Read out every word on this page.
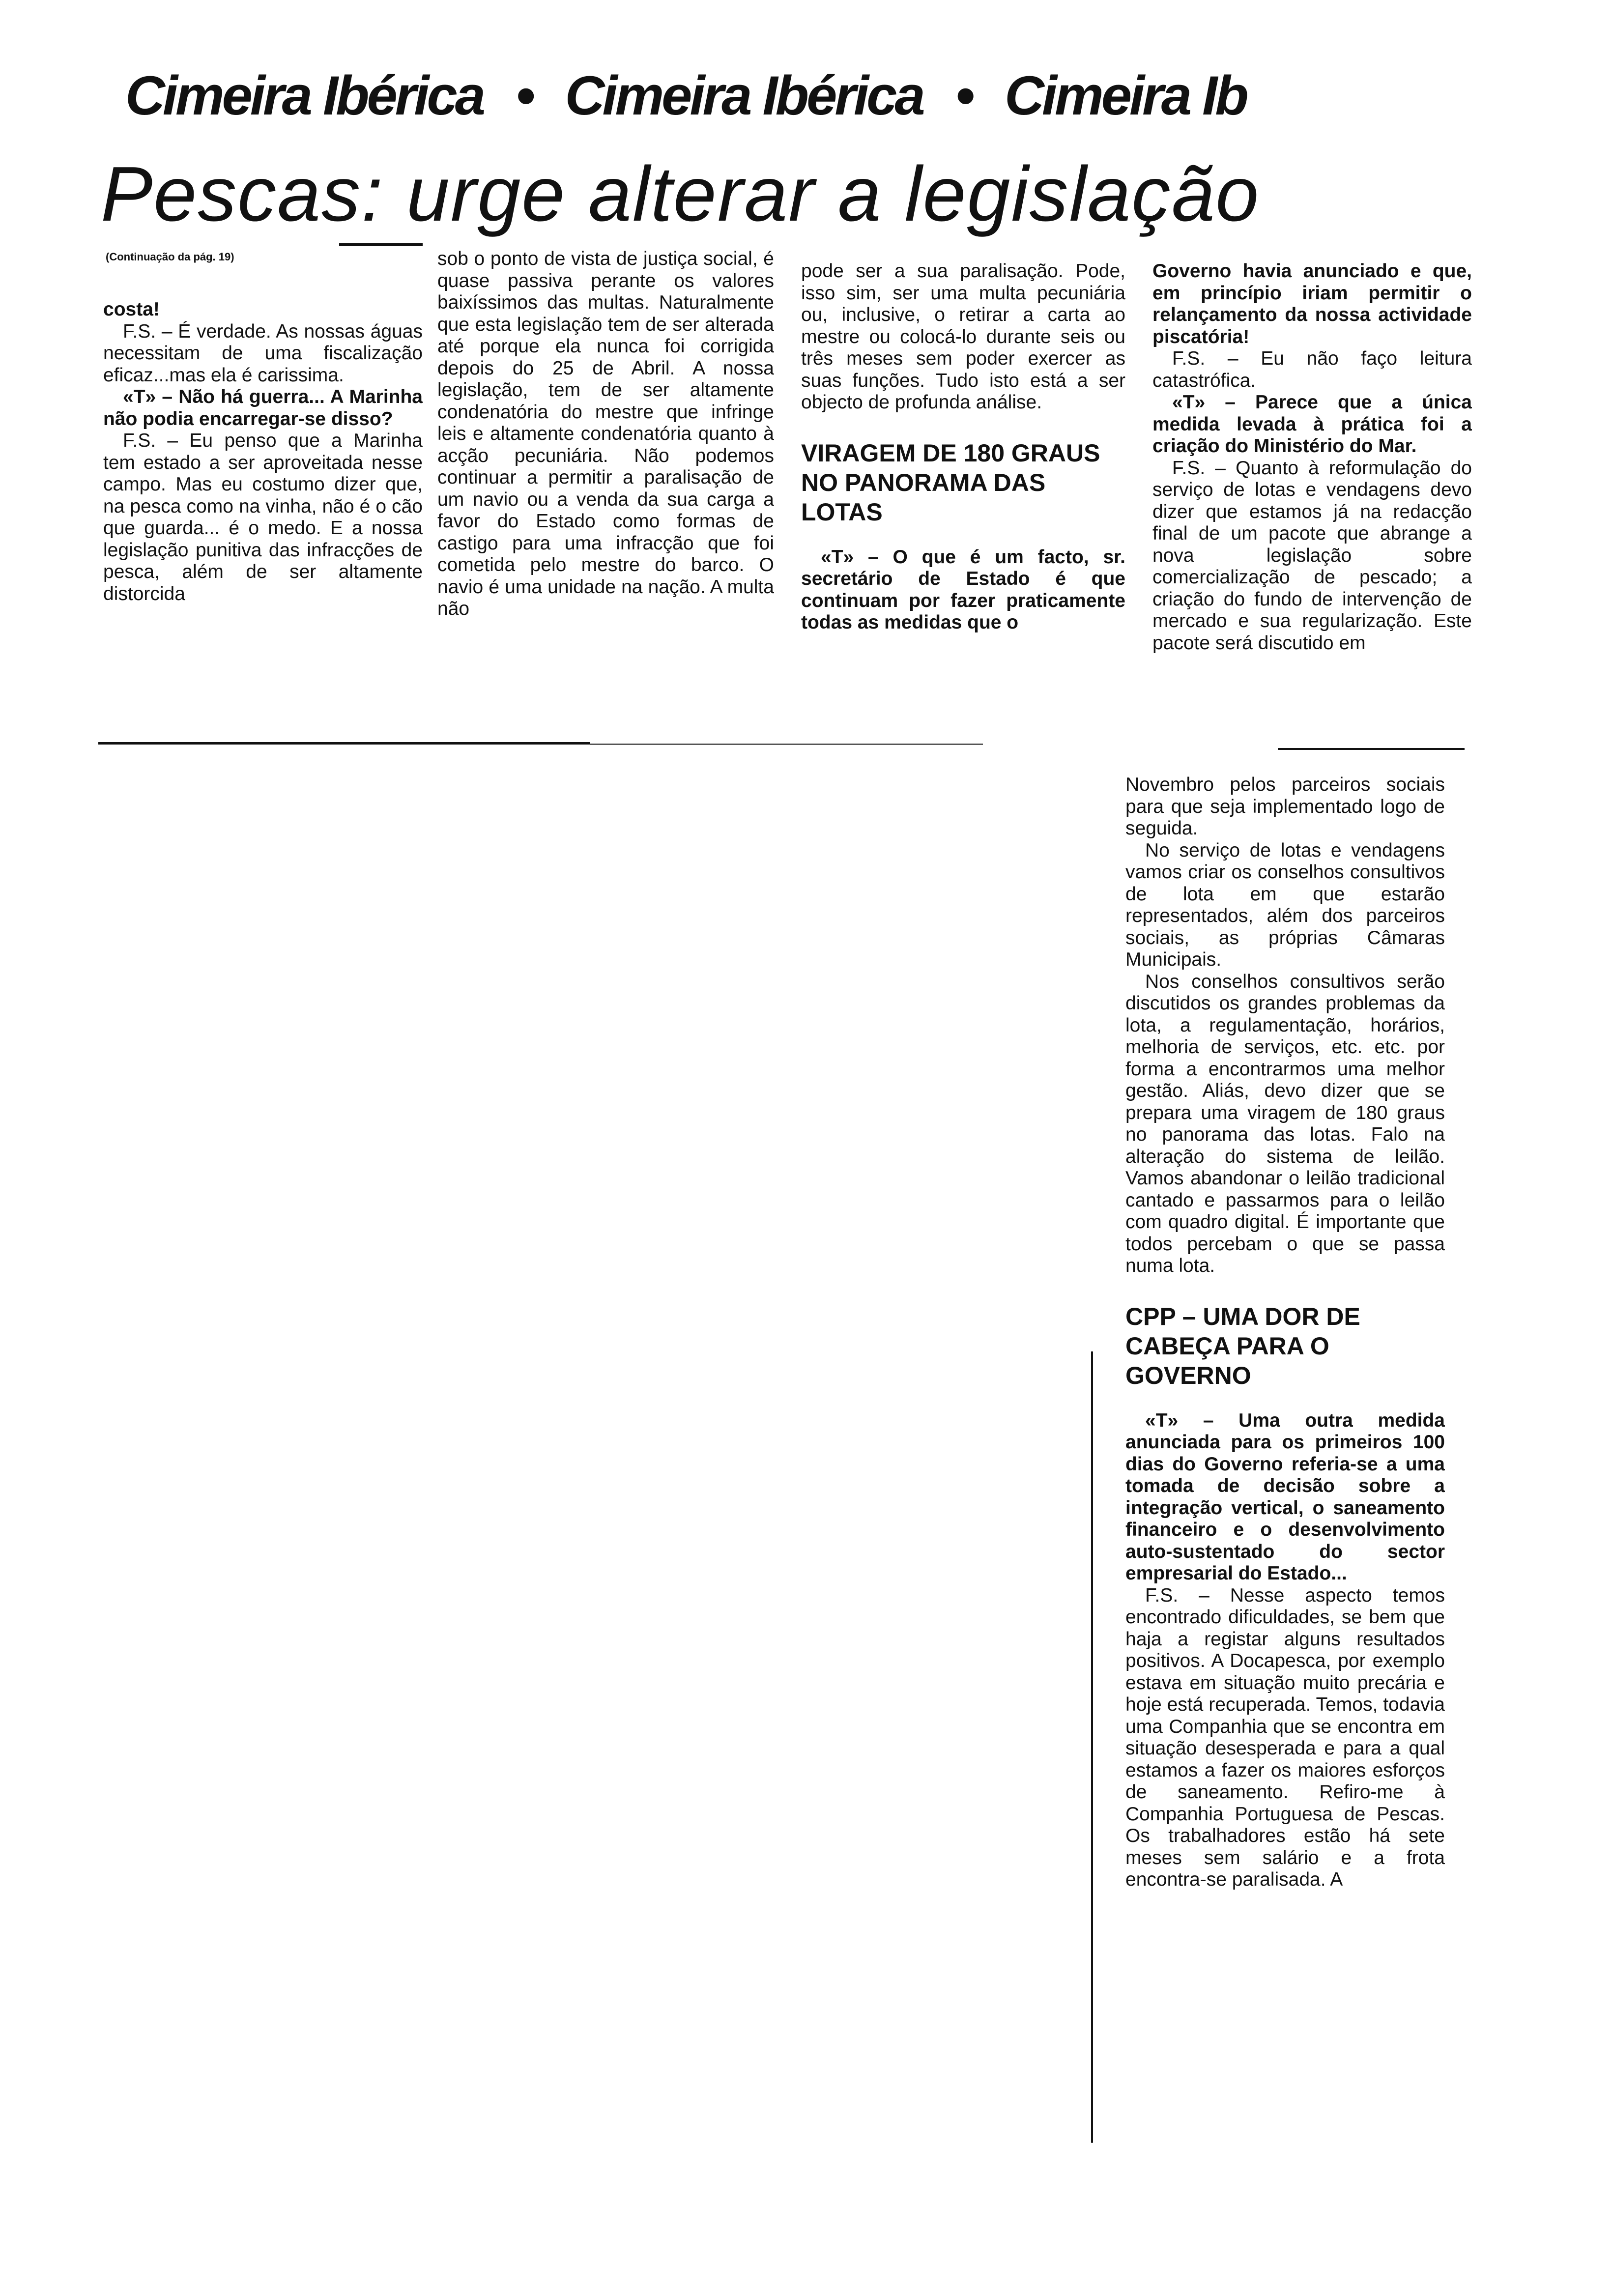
Cimeira Ibérica • Cimeira Ibérica • Cimeira Ib
Pescas: urge alterar a legislação
(Continuação da pág. 19)

costa!

F.S. – É verdade. As nossas águas necessitam de uma fiscalização eficaz...mas ela é carissima.

«T» – Não há guerra... A Marinha não podia encarregar-se disso?

F.S. – Eu penso que a Marinha tem estado a ser aproveitada nesse campo. Mas eu costumo dizer que, na pesca como na vinha, não é o cão que guarda... é o medo. E a nossa legislação punitiva das infracções de pesca, além de ser altamente distorcida

sob o ponto de vista de justiça social, é quase passiva perante os valores baixíssimos das multas. Naturalmente que esta legislação tem de ser alterada até porque ela nunca foi corrigida depois do 25 de Abril. A nossa legislação, tem de ser altamente condenatória do mestre que infringe leis e altamente condenatória quanto à acção pecuniária. Não podemos continuar a permitir a paralisação de um navio ou a venda da sua carga a favor do Estado como formas de castigo para uma infracção que foi cometida pelo mestre do barco. O navio é uma unidade na nação. A multa não

pode ser a sua paralisação. Pode, isso sim, ser uma multa pecuniária ou, inclusive, o retirar a carta ao mestre ou colocá-lo durante seis ou três meses sem poder exercer as suas funções. Tudo isto está a ser objecto de profunda análise.

VIRAGEM DE 180 GRAUS NO PANORAMA DAS LOTAS

«T» – O que é um facto, sr. secretário de Estado é que continuam por fazer praticamente todas as medidas que o

Governo havia anunciado e que, em princípio iriam permitir o relançamento da nossa actividade piscatória!

F.S. – Eu não faço leitura catastrófica.

«T» – Parece que a única medida levada à prática foi a criação do Ministério do Mar.

F.S. – Quanto à reformulação do serviço de lotas e vendagens devo dizer que estamos já na redacção final de um pacote que abrange a nova legislação sobre comercialização de pescado; a criação do fundo de intervenção de mercado e sua regularização. Este pacote será discutido em

Novembro pelos parceiros sociais para que seja implementado logo de seguida.

No serviço de lotas e vendagens vamos criar os conselhos consultivos de lota em que estarão representados, além dos parceiros sociais, as próprias Câmaras Municipais.

Nos conselhos consultivos serão discutidos os grandes problemas da lota, a regulamentação, horários, melhoria de serviços, etc. etc. por forma a encontrarmos uma melhor gestão. Aliás, devo dizer que se prepara uma viragem de 180 graus no panorama das lotas. Falo na alteração do sistema de leilão. Vamos abandonar o leilão tradicional cantado e passarmos para o leilão com quadro digital. É importante que todos percebam o que se passa numa lota.

CPP – UMA DOR DE CABEÇA PARA O GOVERNO

«T» – Uma outra medida anunciada para os primeiros 100 dias do Governo referia-se a uma tomada de decisão sobre a integração vertical, o saneamento financeiro e o desenvolvimento auto-sustentado do sector empresarial do Estado...

F.S. – Nesse aspecto temos encontrado dificuldades, se bem que haja a registar alguns resultados positivos. A Docapesca, por exemplo estava em situação muito precária e hoje está recuperada. Temos, todavia uma Companhia que se encontra em situação desesperada e para a qual estamos a fazer os maiores esforços de saneamento. Refiro-me à Companhia Portuguesa de Pescas. Os trabalhadores estão há sete meses sem salário e a frota encontra-se paralisada. A
